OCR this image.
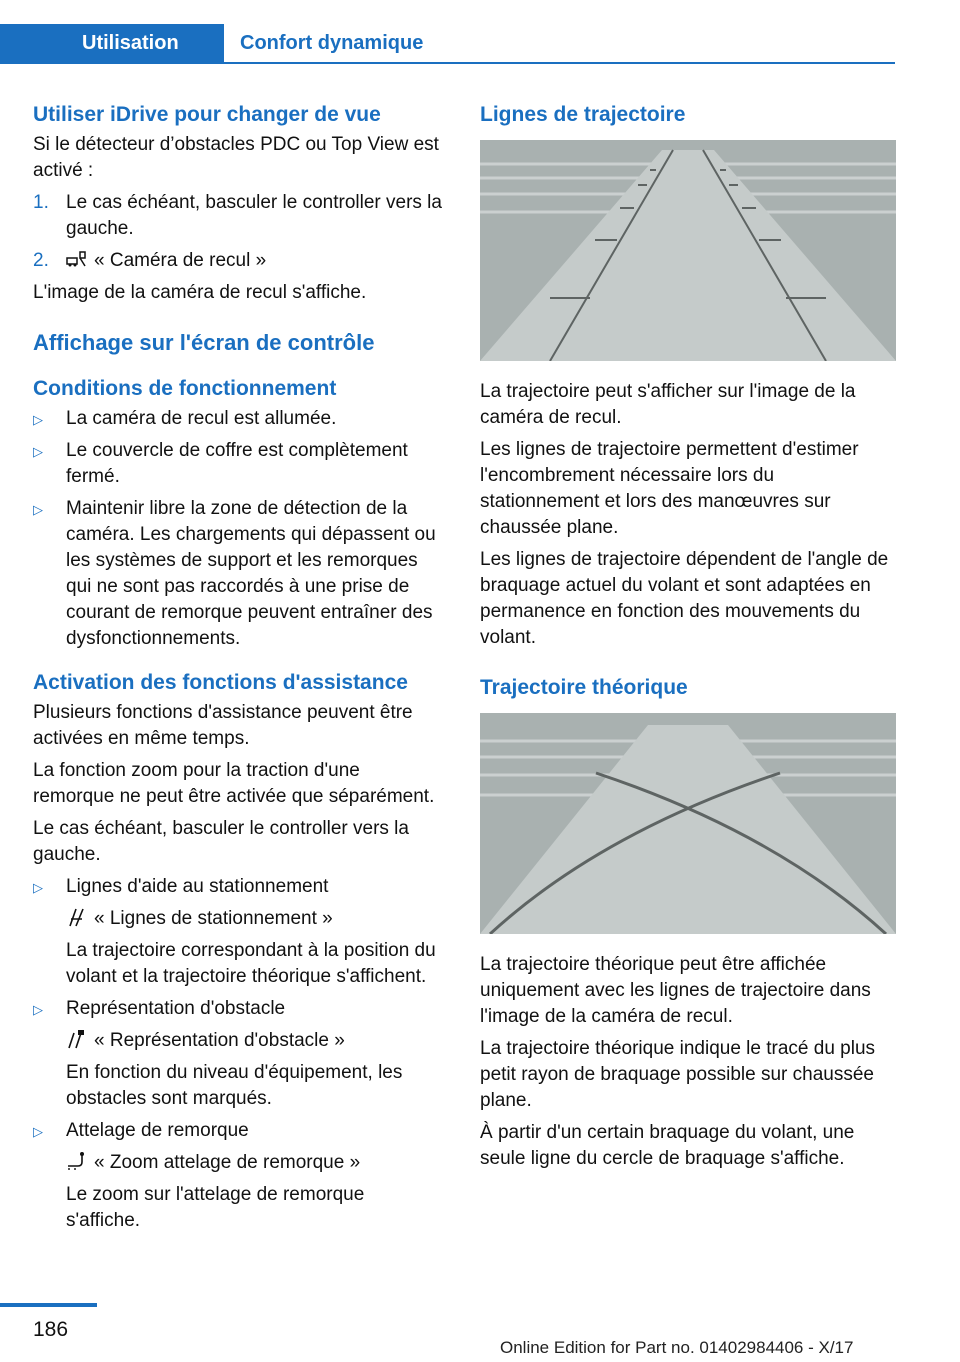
Utilisation	Confort dynamique
Utiliser iDrive pour changer de vue

Si le détecteur d’obstacles PDC ou Top View est activé :

1. Le cas échéant, basculer le controller vers la gauche.
2. « Caméra de recul »

L'image de la caméra de recul s'affiche.

Affichage sur l'écran de contrôle
Conditions de fonctionnement
▷ La caméra de recul est allumée.
▷ Le couvercle de coffre est complètement fermé.
▷ Maintenir libre la zone de détection de la caméra. Les chargements qui dépassent ou les systèmes de support et les remorques qui ne sont pas raccordés à une prise de courant de remorque peuvent entraîner des dysfonctionnements.
Activation des fonctions d'assistance

Plusieurs fonctions d'assistance peuvent être activées en même temps.

La fonction zoom pour la traction d'une remorque ne peut être activée que séparément.

Le cas échéant, basculer le controller vers la gauche.

▷ Lignes d'aide au stationnement
« Lignes de stationnement »
La trajectoire correspondant à la position du volant et la trajectoire théorique s'affichent.
▷ Représentation d'obstacle
« Représentation d'obstacle »
En fonction du niveau d'équipement, les obstacles sont marqués.
▷ Attelage de remorque
« Zoom attelage de remorque »
Le zoom sur l'attelage de remorque s'affiche.
Lignes de trajectoire

La trajectoire peut s'afficher sur l'image de la caméra de recul.

Les lignes de trajectoire permettent d'estimer l'encombrement nécessaire lors du stationnement et lors des manœuvres sur chaussée plane.

Les lignes de trajectoire dépendent de l'angle de braquage actuel du volant et sont adaptées en permanence en fonction des mouvements du volant.

Trajectoire théorique

La trajectoire théorique peut être affichée uniquement avec les lignes de trajectoire dans l'image de la caméra de recul.

La trajectoire théorique indique le tracé du plus petit rayon de braquage possible sur chaussée plane.

À partir d'un certain braquage du volant, une seule ligne du cercle de braquage s'affiche.

186
Online Edition for Part no. 01402984406 - X/17
